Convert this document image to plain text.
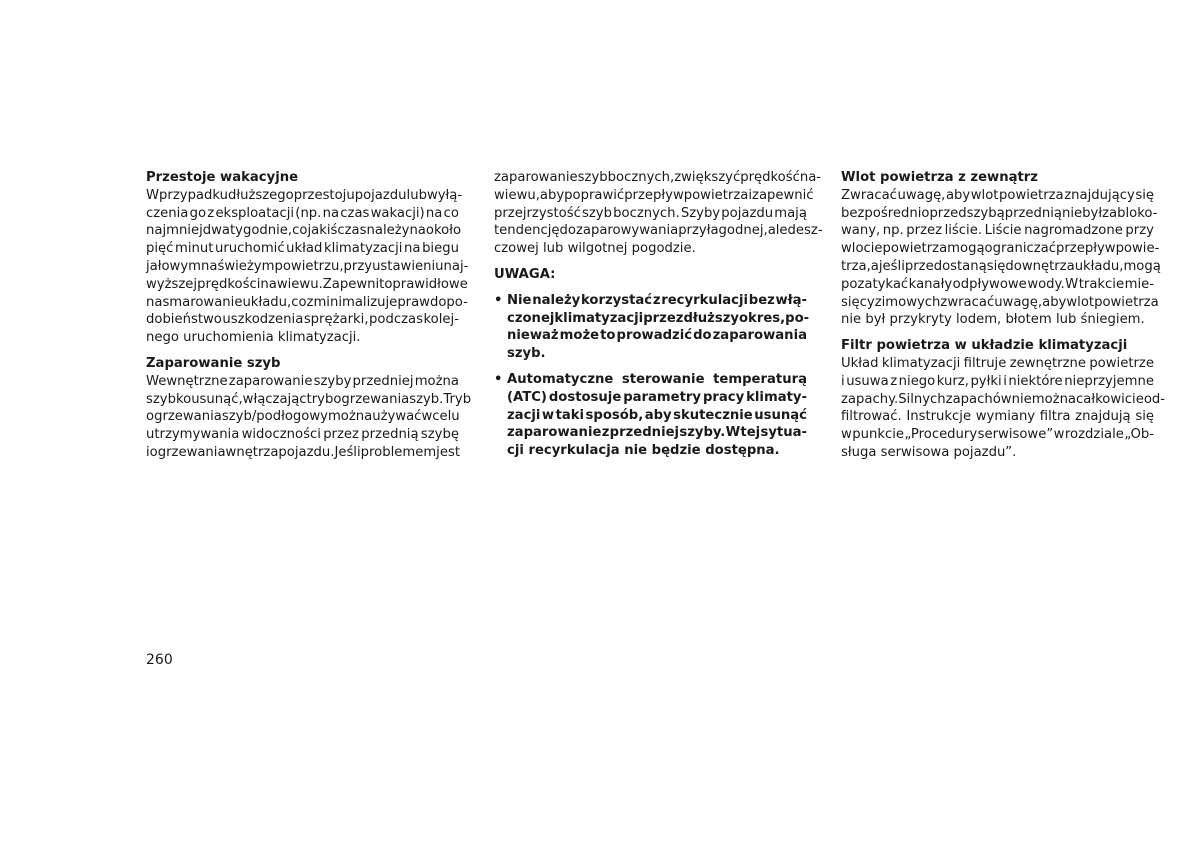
Przestoje wakacyjne
W przypadku dłuższego przestoju pojazdu lub wyłą-
czenia go z eksploatacji (np. na czas wakacji) na co
najmniej dwa tygodnie, co jakiś czas należy na około
pięć minut uruchomić układ klimatyzacji na biegu
jałowym na świeżym powietrzu, przy ustawieniu naj-
wyższej prędkości nawiewu. Zapewni to prawidłowe
nasmarowanie układu, co zminimalizuje prawdopo-
dobieństwo uszkodzenia sprężarki, podczas kolej-
nego uruchomienia klimatyzacji.
Zaparowanie szyb
Wewnętrzne zaparowanie szyby przedniej można
szybko usunąć, włączając tryb ogrzewania szyb. Tryb
ogrzewania szyb/podłogowy można używać w celu
utrzymywania widoczności przez przednią szybę
i ogrzewania wnętrza pojazdu. Jeśli problemem jest
zaparowanie szyb bocznych, zwiększyć prędkość na-
wiewu, aby poprawić przepływ powietrza i zapewnić
przejrzystość szyb bocznych. Szyby pojazdu mają
tendencję do zaparowywania przy łagodnej, ale desz-
czowej lub wilgotnej pogodzie.
UWAGA:
• Nie należy korzystać z recyrkulacji bez włą-
czonej klimatyzacji przez dłuższy okres, po-
nieważ może to prowadzić do zaparowania
szyb.
• Automatyczne sterowanie temperaturą
(ATC) dostosuje parametry pracy klimaty-
zacji w taki sposób, aby skutecznie usunąć
zaparowanie z przedniej szyby. W tej sytua-
cji recyrkulacja nie będzie dostępna.
Wlot powietrza z zewnątrz
Zwracać uwagę, aby wlot powietrza znajdujący się
bezpośrednio przed szybą przednią nie był zabloko-
wany, np. przez liście. Liście nagromadzone przy
wlocie powietrza mogą ograniczać przepływ powie-
trza, a jeśli przedostaną się do wnętrza układu, mogą
pozatykać kanały odpływowe wody. W trakcie mie-
sięcy zimowych zwracać uwagę, aby wlot powietrza
nie był przykryty lodem, błotem lub śniegiem.
Filtr powietrza w układzie klimatyzacji
Układ klimatyzacji filtruje zewnętrzne powietrze
i usuwa z niego kurz, pyłki i niektóre nieprzyjemne
zapachy. Silnych zapachów nie można całkowicie od-
filtrować. Instrukcje wymiany filtra znajdują się
w punkcie „Procedury serwisowe” w rozdziale „Ob-
sługa serwisowa pojazdu”.
260
